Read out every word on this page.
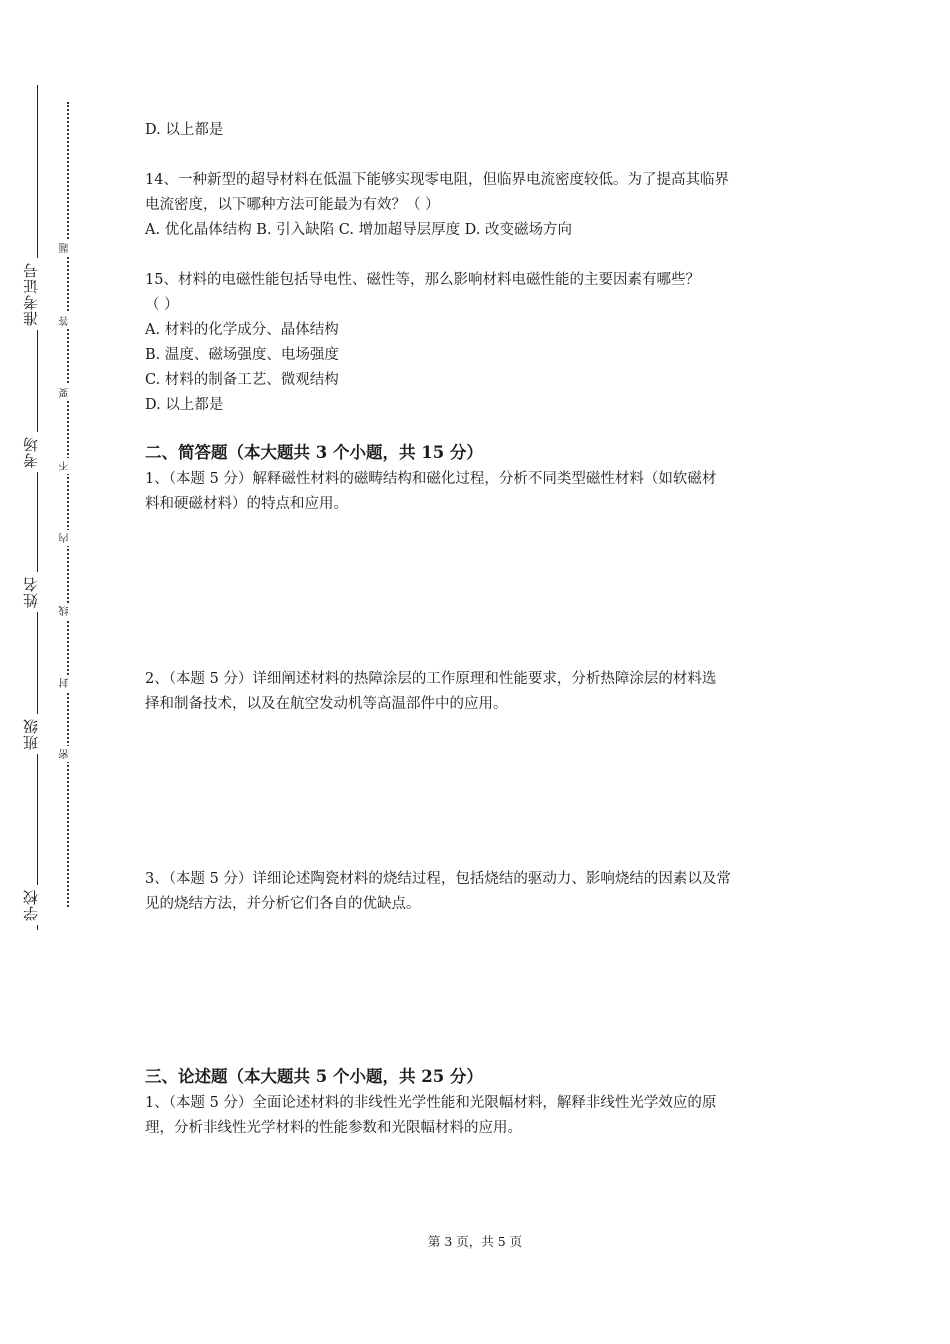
准考证号
考场
姓名
班级
学校
题
答
要
不
内
线
封
密
D. 以上都是
14、一种新型的超导材料在低温下能够实现零电阻，但临界电流密度较低。为了提高其临界
电流密度，以下哪种方法可能最为有效？（ ）
A. 优化晶体结构 B. 引入缺陷 C. 增加超导层厚度 D. 改变磁场方向
15、材料的电磁性能包括导电性、磁性等，那么影响材料电磁性能的主要因素有哪些？
（ ）
A. 材料的化学成分、晶体结构
B. 温度、磁场强度、电场强度
C. 材料的制备工艺、微观结构
D. 以上都是
二、简答题（本大题共 3 个小题，共 15 分）
1、（本题 5 分）解释磁性材料的磁畴结构和磁化过程，分析不同类型磁性材料（如软磁材
料和硬磁材料）的特点和应用。
2、（本题 5 分）详细阐述材料的热障涂层的工作原理和性能要求，分析热障涂层的材料选
择和制备技术，以及在航空发动机等高温部件中的应用。
3、（本题 5 分）详细论述陶瓷材料的烧结过程，包括烧结的驱动力、影响烧结的因素以及常
见的烧结方法，并分析它们各自的优缺点。
三、论述题（本大题共 5 个小题，共 25 分）
1、（本题 5 分）全面论述材料的非线性光学性能和光限幅材料，解释非线性光学效应的原
理，分析非线性光学材料的性能参数和光限幅材料的应用。
第 3 页，共 5 页
